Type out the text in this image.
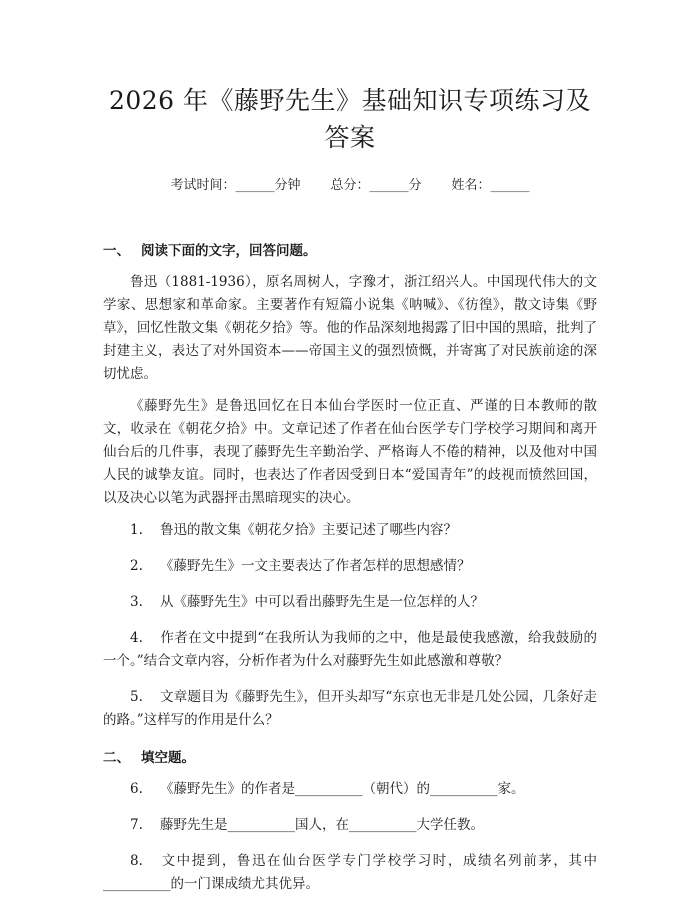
2026 年《藤野先生》基础知识专项练习及答案
考试时间：______分钟 总分：______分 姓名：______
一、 阅读下面的文字，回答问题。

鲁迅（1881-1936），原名周树人，字豫才，浙江绍兴人。中国现代伟大的文学家、思想家和革命家。主要著作有短篇小说集《呐喊》、《彷徨》，散文诗集《野草》，回忆性散文集《朝花夕拾》等。他的作品深刻地揭露了旧中国的黑暗，批判了封建主义，表达了对外国资本——帝国主义的强烈愤慨，并寄寓了对民族前途的深切忧虑。

《藤野先生》是鲁迅回忆在日本仙台学医时一位正直、严谨的日本教师的散文，收录在《朝花夕拾》中。文章记述了作者在仙台医学专门学校学习期间和离开仙台后的几件事，表现了藤野先生辛勤治学、严格诲人不倦的精神，以及他对中国人民的诚挚友谊。同时，也表达了作者因受到日本“爱国青年”的歧视而愤然回国，以及决心以笔为武器抨击黑暗现实的决心。

1. 鲁迅的散文集《朝花夕拾》主要记述了哪些内容？

2. 《藤野先生》一文主要表达了作者怎样的思想感情？

3. 从《藤野先生》中可以看出藤野先生是一位怎样的人？

4. 作者在文中提到“在我所认为我师的之中，他是最使我感激，给我鼓励的一个。”结合文章内容，分析作者为什么对藤野先生如此感激和尊敬？

5. 文章题目为《藤野先生》，但开头却写“东京也无非是几处公园，几条好走的路。”这样写的作用是什么？

二、 填空题。

6. 《藤野先生》的作者是__________（朝代）的__________家。

7. 藤野先生是__________国人，在__________大学任教。

8. 文中提到，鲁迅在仙台医学专门学校学习时，成绩名列前茅，其中__________的一门课成绩尤其优异。
